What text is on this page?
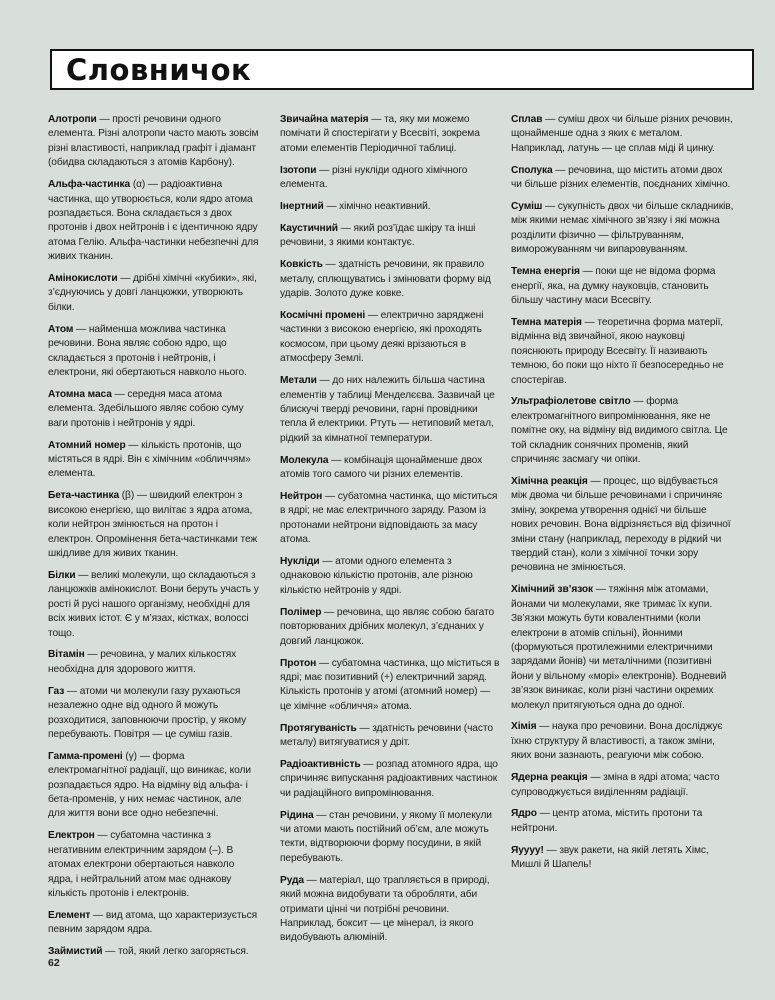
Словничок

Алотропи — прості речовини одного елемента. Різні алотропи часто мають зовсім різні властивості, наприклад графіт і діамант (обидва складаються з атомів Карбону).

Альфа-частинка (α) — радіоактивна частинка, що утворюється, коли ядро атома розпадається. Вона складається з двох протонів і двох нейтронів і є ідентичною ядру атома Гелію. Альфа-частинки небезпечні для живих тканин.

Амінокислоти — дрібні хімічні «кубики», які, з’єднуючись у довгі ланцюжки, утворюють білки.

Атом — найменша можлива частинка речовини. Вона являє собою ядро, що складається з протонів і нейтронів, і електрони, які обертаються навколо нього.

Атомна маса — середня маса атома елемента. Здебільшого являє собою суму ваги протонів і нейтронів у ядрі.

Атомний номер — кількість протонів, що містяться в ядрі. Він є хімічним «обличчям» елемента.

Бета-частинка (β) — швидкий електрон з високою енергією, що вилітає з ядра атома, коли нейтрон змінюється на протон і електрон. Опромінення бета-частинками теж шкідливе для живих тканин.

Білки — великі молекули, що складаються з ланцюжків амінокислот. Вони беруть участь у рості й русі нашого організму, необхідні для всіх живих істот. Є у м’язах, кістках, волоссі тощо.

Вітамін — речовина, у малих кількостях необхідна для здорового життя.

Газ — атоми чи молекули газу рухаються незалежно одне від одного й можуть розходитися, заповнюючи простір, у якому перебувають. Повітря — це суміш газів.

Гамма-промені (γ) — форма електромагнітної радіації, що виникає, коли розпадається ядро. На відміну від альфа- і бета-променів, у них немає частинок, але для життя вони все одно небезпечні.

Електрон — субатомна частинка з негативним електричним зарядом (–). В атомах електрони обертаються навколо ядра, і нейтральний атом має однакову кількість протонів і електронів.

Елемент — вид атома, що характеризується певним зарядом ядра.

Займистий — той, який легко загоряється.

Звичайна матерія — та, яку ми можемо помічати й спостерігати у Всесвіті, зокрема атоми елементів Періодичної таблиці.

Ізотопи — різні нукліди одного хімічного елемента.

Інертний — хімічно неактивний.

Каустичний — який роз’їдає шкіру та інші речовини, з якими контактує.

Ковкість — здатність речовини, як правило металу, сплющуватись і змінювати форму від ударів. Золото дуже ковке.

Космічні промені — електрично заряджені частинки з високою енергією, які проходять космосом, при цьому деякі врізаються в атмосферу Землі.

Метали — до них належить більша частина елементів у таблиці Менделєєва. Зазвичай це блискучі тверді речовини, гарні провідники тепла й електрики. Ртуть — нетиповий метал, рідкий за кімнатної температури.

Молекула — комбінація щонайменше двох атомів того самого чи різних елементів.

Нейтрон — субатомна частинка, що міститься в ядрі; не має електричного заряду. Разом із протонами нейтрони відповідають за масу атома.

Нукліди — атоми одного елемента з однаковою кількістю протонів, але різною кількістю нейтронів у ядрі.

Полімер — речовина, що являє собою багато повторюваних дрібних молекул, з’єднаних у довгий ланцюжок.

Протон — субатомна частинка, що міститься в ядрі; має позитивний (+) електричний заряд. Кількість протонів у атомі (атомний номер) — це хімічне «обличчя» атома.

Протягуваність — здатність речовини (часто металу) витягуватися у дріт.

Радіоактивність — розпад атомного ядра, що спричиняє випускання радіоактивних частинок чи радіаційного випромінювання.

Рідина — стан речовини, у якому її молекули чи атоми мають постійний об’єм, але можуть текти, відтворюючи форму посудини, в якій перебувають.

Руда — матеріал, що трапляється в природі, який можна видобувати та обробляти, аби отримати цінні чи потрібні речовини. Наприклад, боксит — це мінерал, із якого видобувають алюміній.

Сплав — суміш двох чи більше різних речовин, щонайменше одна з яких є металом. Наприклад, латунь — це сплав міді й цинку.

Сполука — речовина, що містить атоми двох чи більше різних елементів, поєднаних хімічно.

Суміш — сукупність двох чи більше складників, між якими немає хімічного зв’язку і які можна розділити фізично — фільтруванням, виморожуванням чи випаровуванням.

Темна енергія — поки ще не відома форма енергії, яка, на думку науковців, становить більшу частину маси Всесвіту.

Темна матерія — теоретична форма матерії, відмінна від звичайної, якою науковці пояснюють природу Всесвіту. Її називають темною, бо поки що ніхто її безпосередньо не спостерігав.

Ультрафіолетове світло — форма електромагнітного випромінювання, яке не помітне оку, на відміну від видимого світла. Це той складник сонячних променів, який спричиняє засмагу чи опіки.

Хімічна реакція — процес, що відбувається між двома чи більше речовинами і спричиняє зміну, зокрема утворення однієї чи більше нових речовин. Вона відрізняється від фізичної зміни стану (наприклад, переходу в рідкий чи твердий стан), коли з хімічної точки зору речовина не змінюється.

Хімічний зв’язок — тяжіння між атомами, йонами чи молекулами, яке тримає їх купи. Зв’язки можуть бути ковалентними (коли електрони в атомів спільні), йонними (формуються протилежними електричними зарядами йонів) чи металічними (позитивні йони у вільному «морі» електронів). Водневий зв’язок виникає, коли різні частини окремих молекул притягуються одна до одної.

Хімія — наука про речовини. Вона досліджує їхню структуру й властивості, а також зміни, яких вони зазнають, реагуючи між собою.

Ядерна реакція — зміна в ядрі атома; часто супроводжується виділенням радіації.

Ядро — центр атома, містить протони та нейтрони.

Яуууу! — звук ракети, на якій летять Хімс, Мишлі й Шапель!

62
